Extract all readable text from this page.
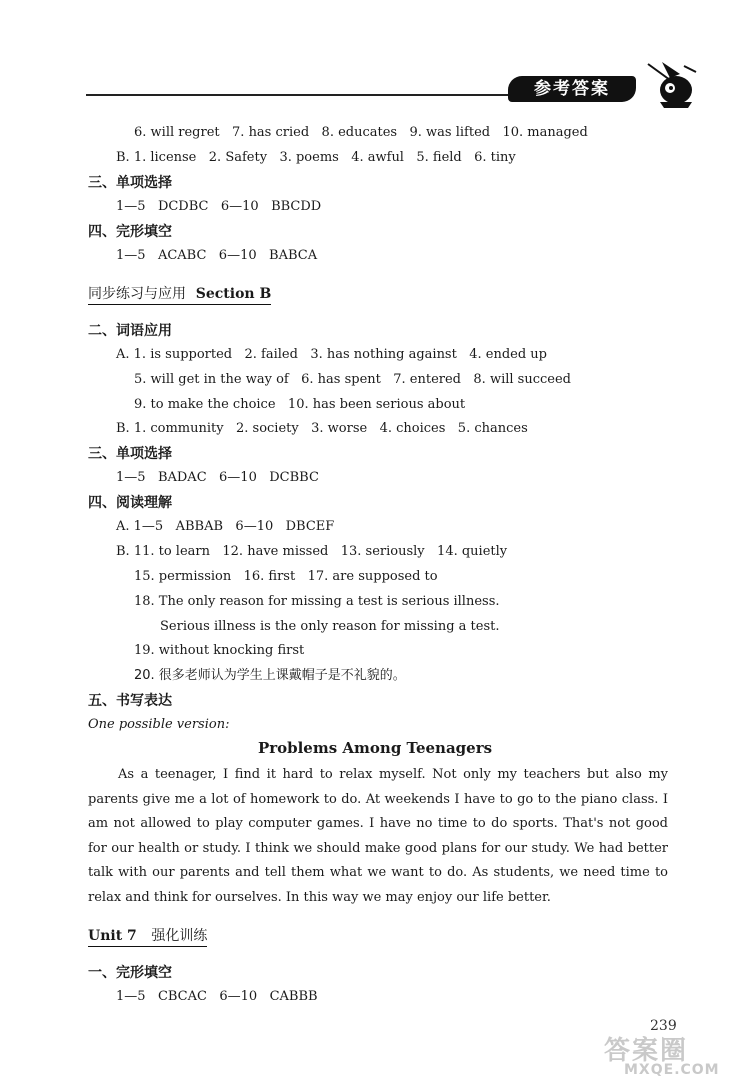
参考答案
6. will regret   7. has cried   8. educates   9. was lifted   10. managed
B. 1. license   2. Safety   3. poems   4. awful   5. field   6. tiny
三、单项选择
1—5   DCDBC   6—10   BBCDD
四、完形填空
1—5   ACABC   6—10   BABCA
同步练习与应用 Section B
二、词语应用
A. 1. is supported   2. failed   3. has nothing against   4. ended up
5. will get in the way of   6. has spent   7. entered   8. will succeed
9. to make the choice   10. has been serious about
B. 1. community   2. society   3. worse   4. choices   5. chances
三、单项选择
1—5   BADAC   6—10   DCBBC
四、阅读理解
A. 1—5   ABBAB   6—10   DBCEF
B. 11. to learn   12. have missed   13. seriously   14. quietly
15. permission   16. first   17. are supposed to
18. The only reason for missing a test is serious illness.
Serious illness is the only reason for missing a test.
19. without knocking first
20. 很多老师认为学生上课戴帽子是不礼貌的。
五、书写表达
One possible version:
Problems Among Teenagers
As a teenager, I find it hard to relax myself. Not only my teachers but also my parents give me a lot of homework to do. At weekends I have to go to the piano class. I am not allowed to play computer games. I have no time to do sports. That's not good for our health or study. I think we should make good plans for our study. We had better talk with our parents and tell them what we want to do. As students, we need time to relax and think for ourselves. In this way we may enjoy our life better.
Unit 7 强化训练
一、完形填空
1—5   CBCAC   6—10   CABBB
239
答案圈
MXQE.COM
